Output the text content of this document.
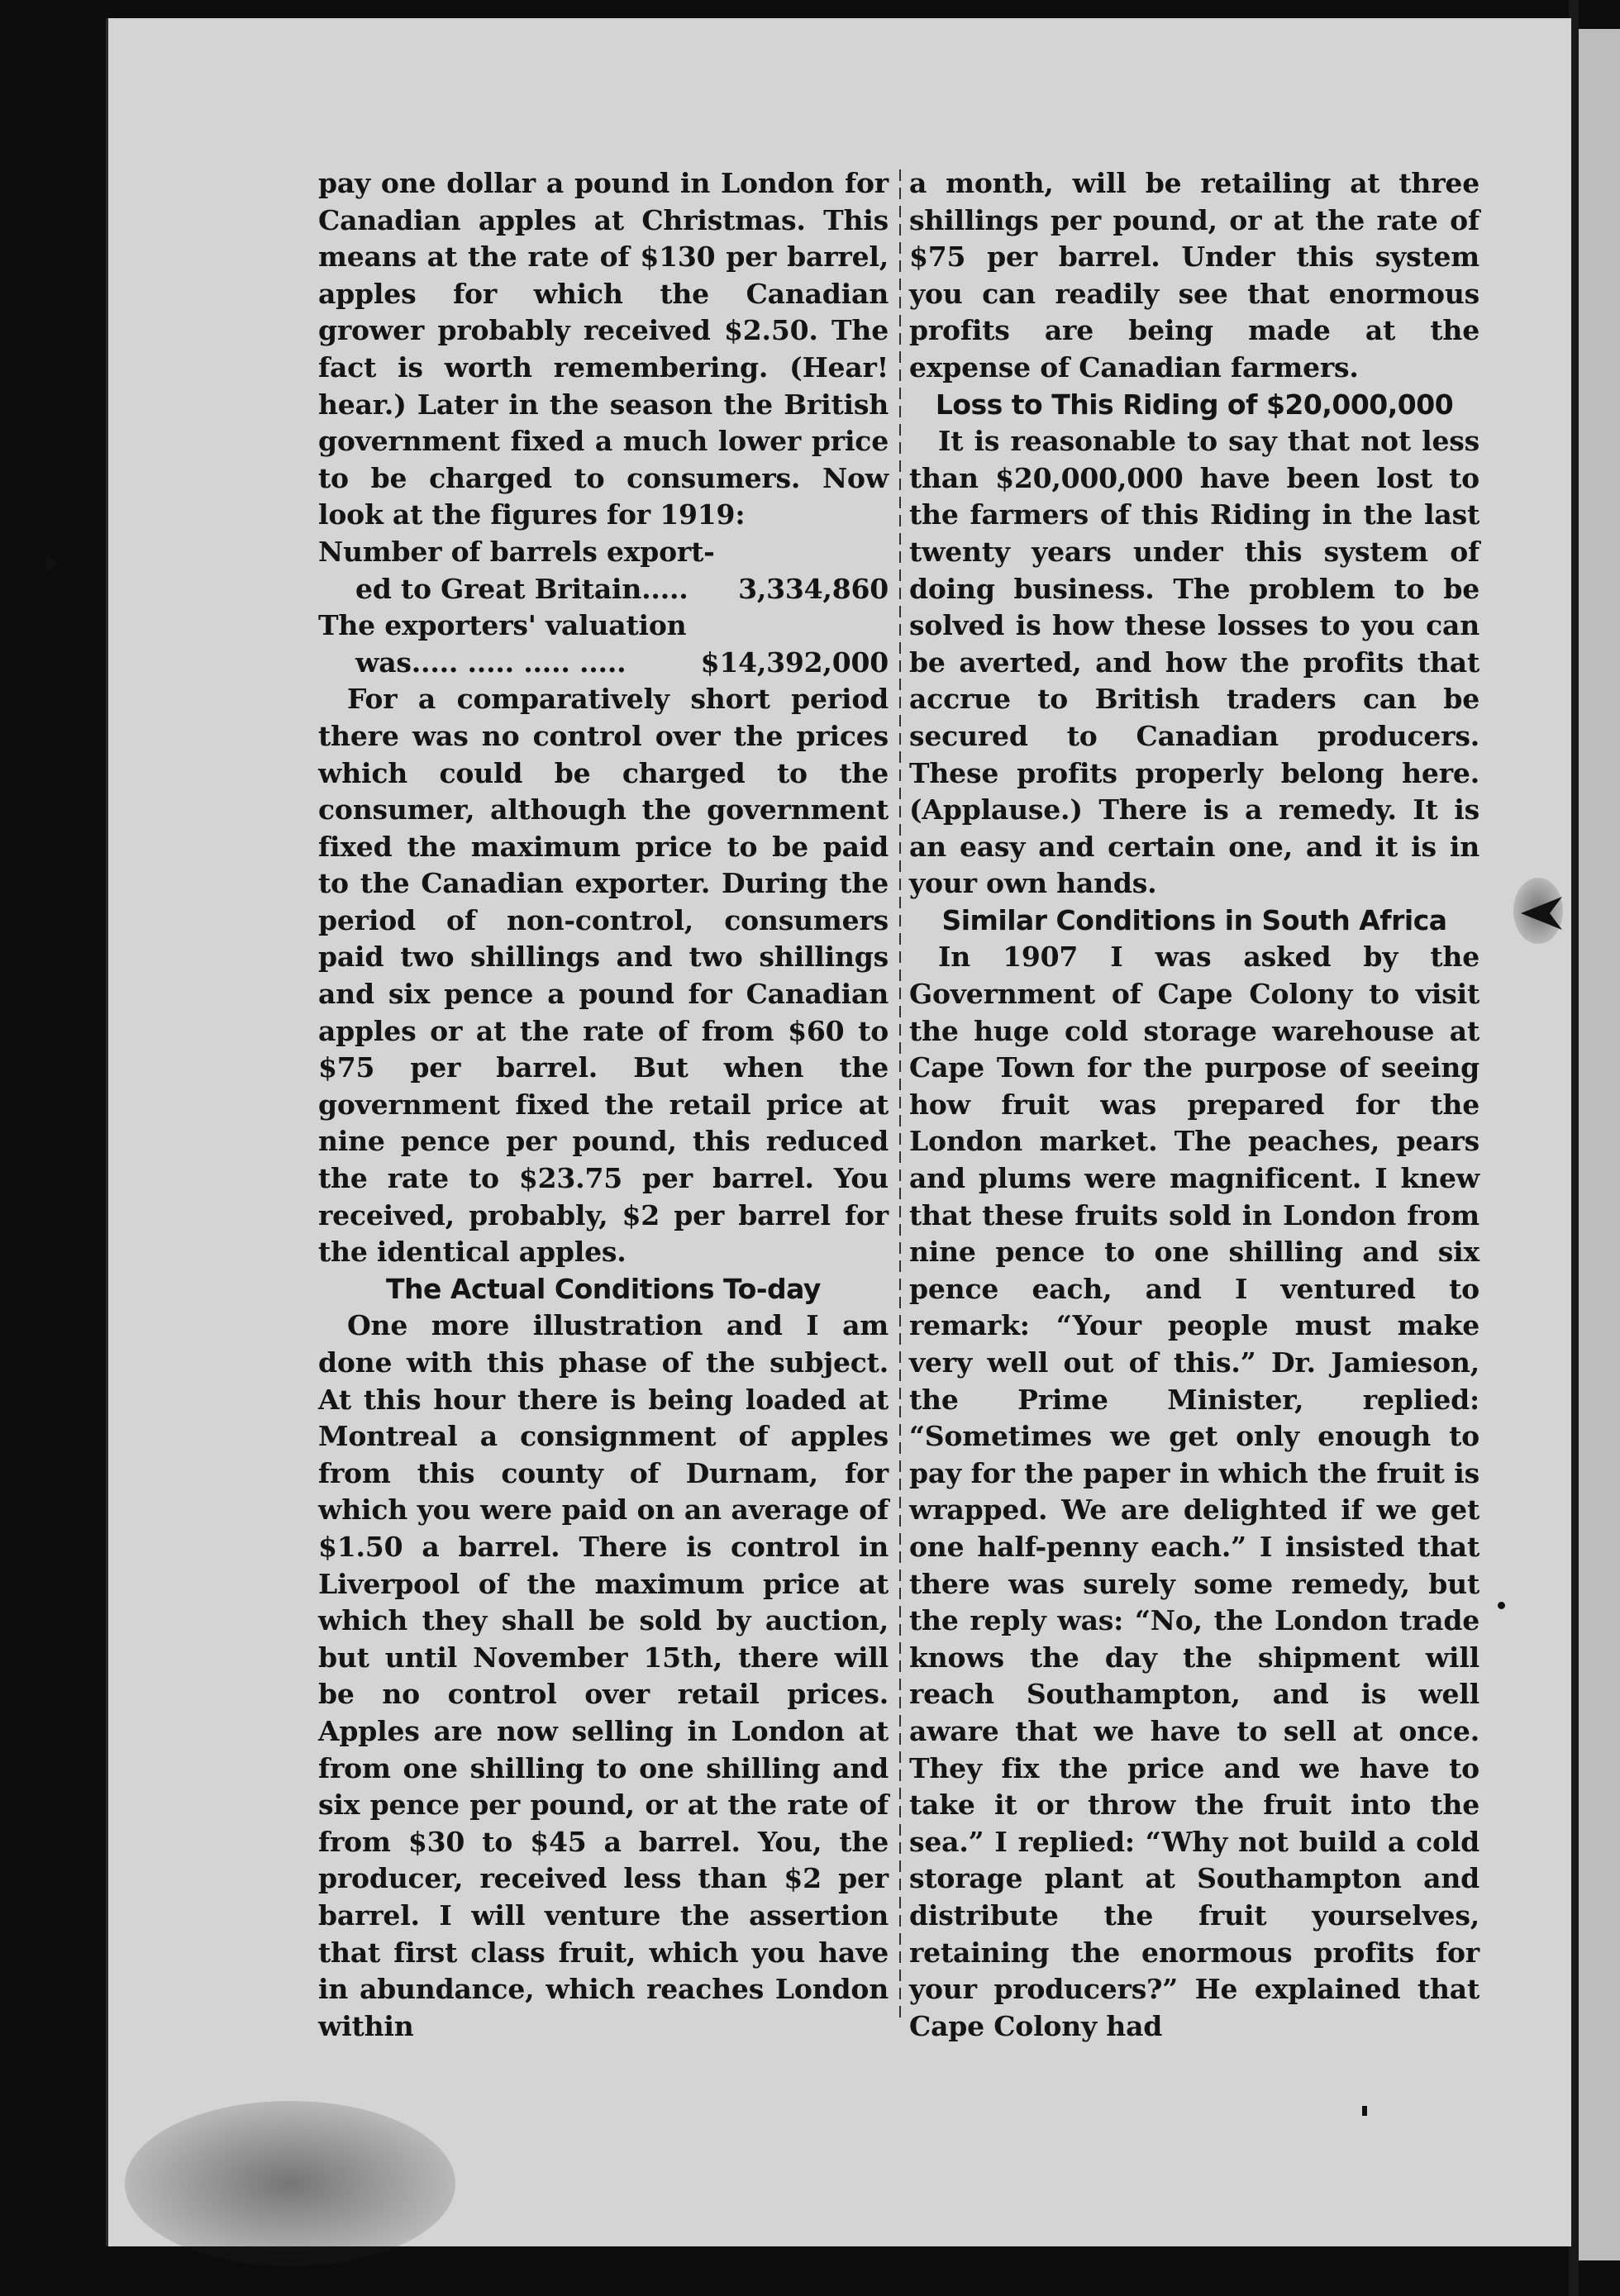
pay one dollar a pound in London for Canadian apples at Christmas. This means at the rate of $130 per barrel, apples for which the Canadian grower probably received $2.50. The fact is worth remembering. (Hear! hear.) Later in the season the British government fixed a much lower price to be charged to consumers. Now look at the figures for 1919:

Number of barrels export-
ed to Great Britain..... 3,334,860
The exporters' valuation
was..... ..... ..... .....	$14,392,000

For a comparatively short period there was no control over the prices which could be charged to the consumer, although the government fixed the maximum price to be paid to the Canadian exporter. During the period of non-control, consumers paid two shillings and two shillings and six pence a pound for Canadian apples or at the rate of from $60 to $75 per barrel. But when the government fixed the retail price at nine pence per pound, this reduced the rate to $23.75 per barrel. You received, probably, $2 per barrel for the identical apples.

The Actual Conditions To-day

One more illustration and I am done with this phase of the subject. At this hour there is being loaded at Montreal a consignment of apples from this county of Durnam, for which you were paid on an average of $1.50 a barrel. There is control in Liverpool of the maximum price at which they shall be sold by auction, but until November 15th, there will be no control over retail prices. Apples are now selling in London at from one shilling to one shilling and six pence per pound, or at the rate of from $30 to $45 a barrel. You, the producer, received less than $2 per barrel. I will venture the assertion that first class fruit, which you have in abundance, which reaches London within

a month, will be retailing at three shillings per pound, or at the rate of $75 per barrel. Under this system you can readily see that enormous profits are being made at the expense of Canadian farmers.

Loss to This Riding of $20,000,000

It is reasonable to say that not less than $20,000,000 have been lost to the farmers of this Riding in the last twenty years under this system of doing business. The problem to be solved is how these losses to you can be averted, and how the profits that accrue to British traders can be secured to Canadian producers. These profits properly belong here. (Applause.) There is a remedy. It is an easy and certain one, and it is in your own hands.

Similar Conditions in South Africa

In 1907 I was asked by the Government of Cape Colony to visit the huge cold storage warehouse at Cape Town for the purpose of seeing how fruit was prepared for the London market. The peaches, pears and plums were magnificent. I knew that these fruits sold in London from nine pence to one shilling and six pence each, and I ventured to remark: “Your people must make very well out of this.” Dr. Jamieson, the Prime Minister, replied: “Sometimes we get only enough to pay for the paper in which the fruit is wrapped. We are delighted if we get one half-penny each.” I insisted that there was surely some remedy, but the reply was: “No, the London trade knows the day the shipment will reach Southampton, and is well aware that we have to sell at once. They fix the price and we have to take it or throw the fruit into the sea.” I replied: “Why not build a cold storage plant at Southampton and distribute the fruit yourselves, retaining the enormous profits for your producers?” He explained that Cape Colony had
